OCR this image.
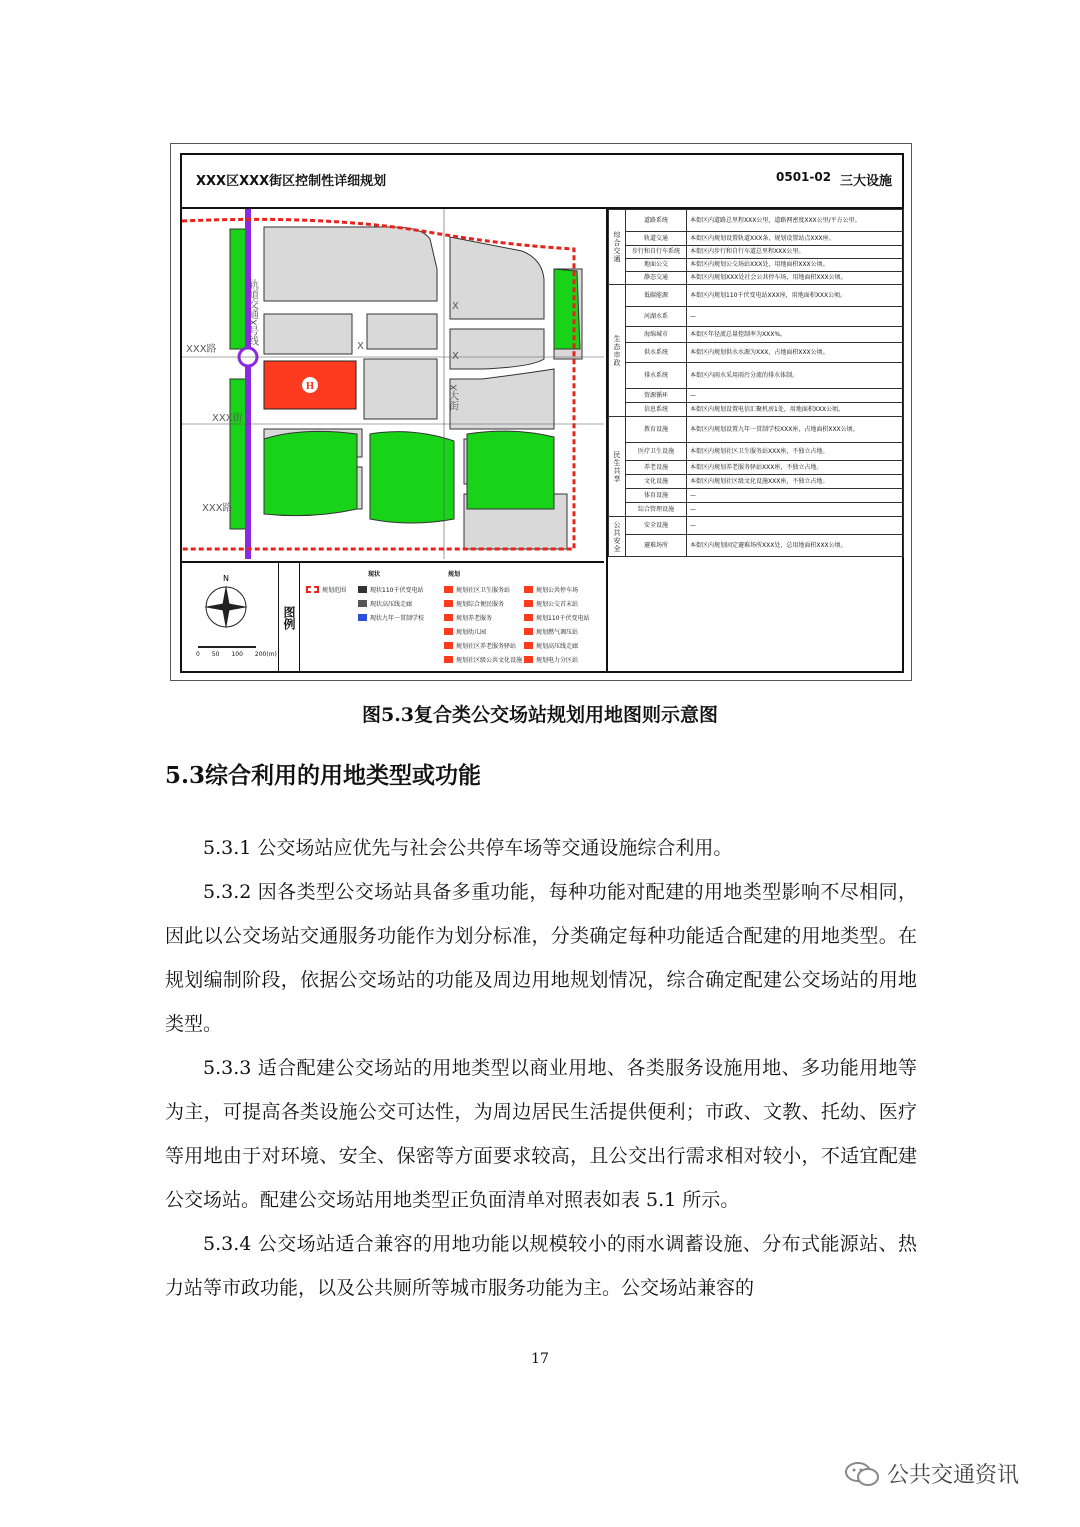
XXX区XXX街区控制性详细规划	0501-02 三大设施
H
轨道交通X号线
XXX路
XXX街
XXX路
X
X
X
X大街
N
0 50 100 200(m)
图例
现状	规划
规划范围	现状110千伏变电站
现状高压线走廊
现状九年一贯制学校
规划社区卫生服务站
规划综合便民服务
规划养老服务
规划幼儿园
规划社区养老服务驿站
规划社区级公共文化设施
规划公共停车场
规划公交首末站
规划110千伏变电站
规划燃气调压站
规划高压线走廊
规划电力分区站
综合交通	道路系统	本街区内道路总里程XXX公里，道路网密度XXX公里/平方公里。
	轨道交通	本街区内规划设置轨道XXX条，规划设置站点XXX座。
	步行和自行车系统	本街区内步行和自行车道总里程XXX公里。
	地面公交	本街区内规划公交场站XXX处，用地面积XXX公顷。
	静态交通	本街区内规划XXX处社会公共停车场，用地面积XXX公顷。
生态市政	低碳能源	本街区内规划110千伏变电站XXX座，用地面积XXX公顷。
	河湖水系	—
	海绵城市	本街区年径流总量控制率为XXX%。
	供水系统	本街区内规划供水水源为XXX，占地面积XXX公顷。
	排水系统	本街区内雨水采用雨污分流的排水体制。
	资源循环	—
	信息系统	本街区内规划设置电信汇聚机房1处，用地面积XXX公顷。
民生共享	教育设施	本街区内规划设置九年一贯制学校XXX座，占地面积XXX公顷。
	医疗卫生设施	本街区内规划社区卫生服务站XXX座，不独立占地。
	养老设施	本街区内规划养老服务驿站XXX座，不独立占地。
	文化设施	本街区内规划社区级文化设施XXX座，不独立占地。
	体育设施	—
	综合管理设施	—
公共安全	安全设施	—
	避难场所	本街区内规划固定避难场所XXX处，总用地面积XXX公顷。
图5.3复合类公交场站规划用地图则示意图
5.3综合利用的用地类型或功能

5.3.1 公交场站应优先与社会公共停车场等交通设施综合利用。

5.3.2 因各类型公交场站具备多重功能，每种功能对配建的用地类型影响不尽相同，因此以公交场站交通服务功能作为划分标准，分类确定每种功能适合配建的用地类型。在规划编制阶段，依据公交场站的功能及周边用地规划情况，综合确定配建公交场站的用地类型。

5.3.3 适合配建公交场站的用地类型以商业用地、各类服务设施用地、多功能用地等为主，可提高各类设施公交可达性，为周边居民生活提供便利；市政、文教、托幼、医疗等用地由于对环境、安全、保密等方面要求较高，且公交出行需求相对较小，不适宜配建公交场站。配建公交场站用地类型正负面清单对照表如表 5.1 所示。

5.3.4 公交场站适合兼容的用地功能以规模较小的雨水调蓄设施、分布式能源站、热力站等市政功能，以及公共厕所等城市服务功能为主。公交场站兼容的

17
公共交通资讯
